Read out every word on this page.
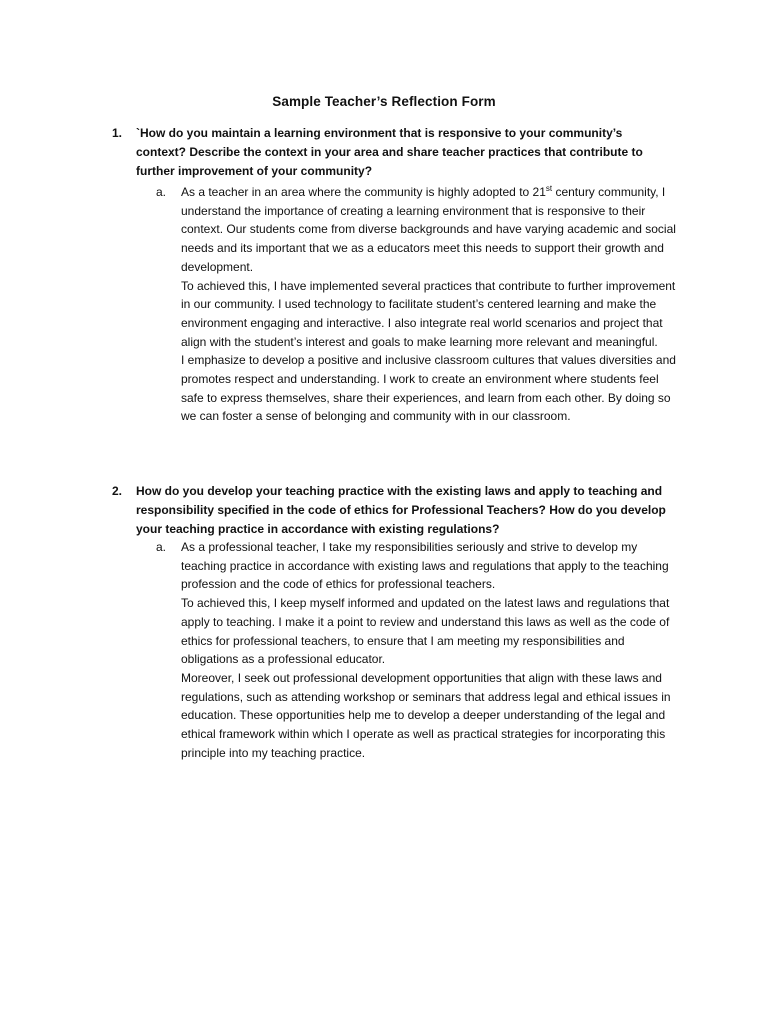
Sample Teacher’s Reflection Form
1. `How do you maintain a learning environment that is responsive to your community’s context? Describe the context in your area and share teacher practices that contribute to further improvement of your community?
a. As a teacher in an area where the community is highly adopted to 21st century community, I understand the importance of creating a learning environment that is responsive to their context. Our students come from diverse backgrounds and have varying academic and social needs and its important that we as a educators meet this needs to support their growth and development.

To achieved this, I have implemented several practices that contribute to further improvement in our community. I used technology to facilitate student’s centered learning and make the environment engaging and interactive. I also integrate real world scenarios and project that align with the student’s interest and goals to make learning more relevant and meaningful.

I emphasize to develop a positive and inclusive classroom cultures that values diversities and promotes respect and understanding. I work to create an environment where students feel safe to express themselves, share their experiences, and learn from each other. By doing so we can foster a sense of belonging and community with in our classroom.

2. How do you develop your teaching practice with the existing laws and apply to teaching and responsibility specified in the code of ethics for Professional Teachers? How do you develop your teaching practice in accordance with existing regulations?
a. As a professional teacher, I take my responsibilities seriously and strive to develop my teaching practice in accordance with existing laws and regulations that apply to the teaching profession and the code of ethics for professional teachers.

To achieved this, I keep myself informed and updated on the latest laws and regulations that apply to teaching. I make it a point to review and understand this laws as well as the code of ethics for professional teachers, to ensure that I am meeting my responsibilities and obligations as a professional educator.

Moreover, I seek out professional development opportunities that align with these laws and regulations, such as attending workshop or seminars that address legal and ethical issues in education. These opportunities help me to develop a deeper understanding of the legal and ethical framework within which I operate as well as practical strategies for incorporating this principle into my teaching practice.
